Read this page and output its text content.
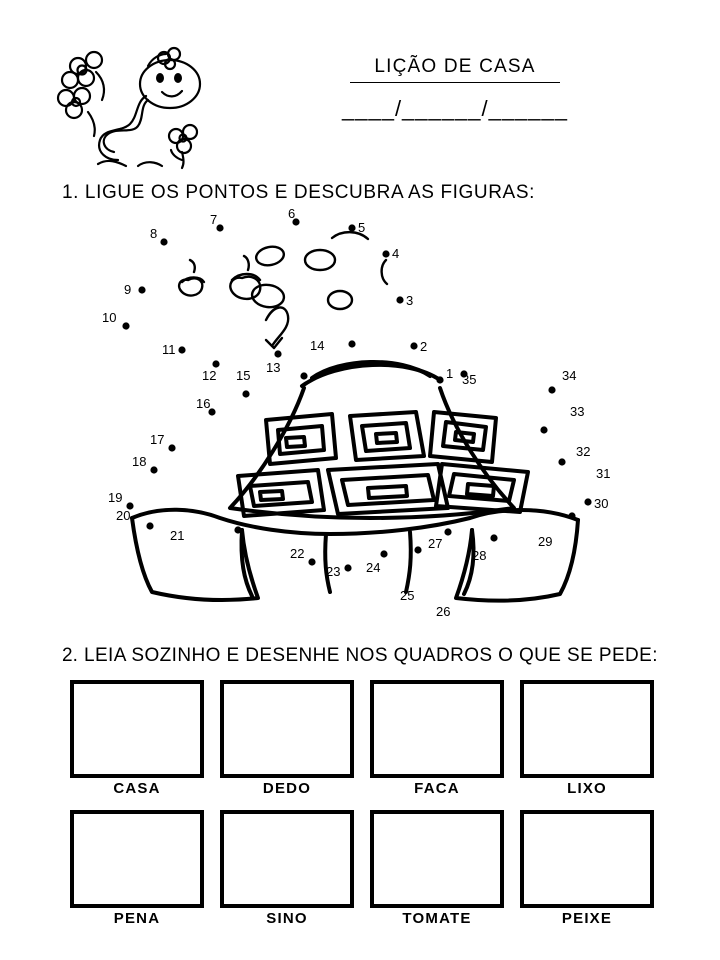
LIÇÃO DE CASA
____/______/______
1. LIGUE OS PONTOS E DESCUBRA AS FIGURAS:
1
2
3
4
5
6
7
8
9
10
11
12
13
14
15
16
17
18
19
20
21
22
23 24
25
26
27
28
29
30
31
32
33
34
35
2. LEIA SOZINHO E DESENHE NOS QUADROS O QUE SE PEDE:
CASA	DEDO	FACA	LIXO
PENA	SINO	TOMATE	PEIXE
